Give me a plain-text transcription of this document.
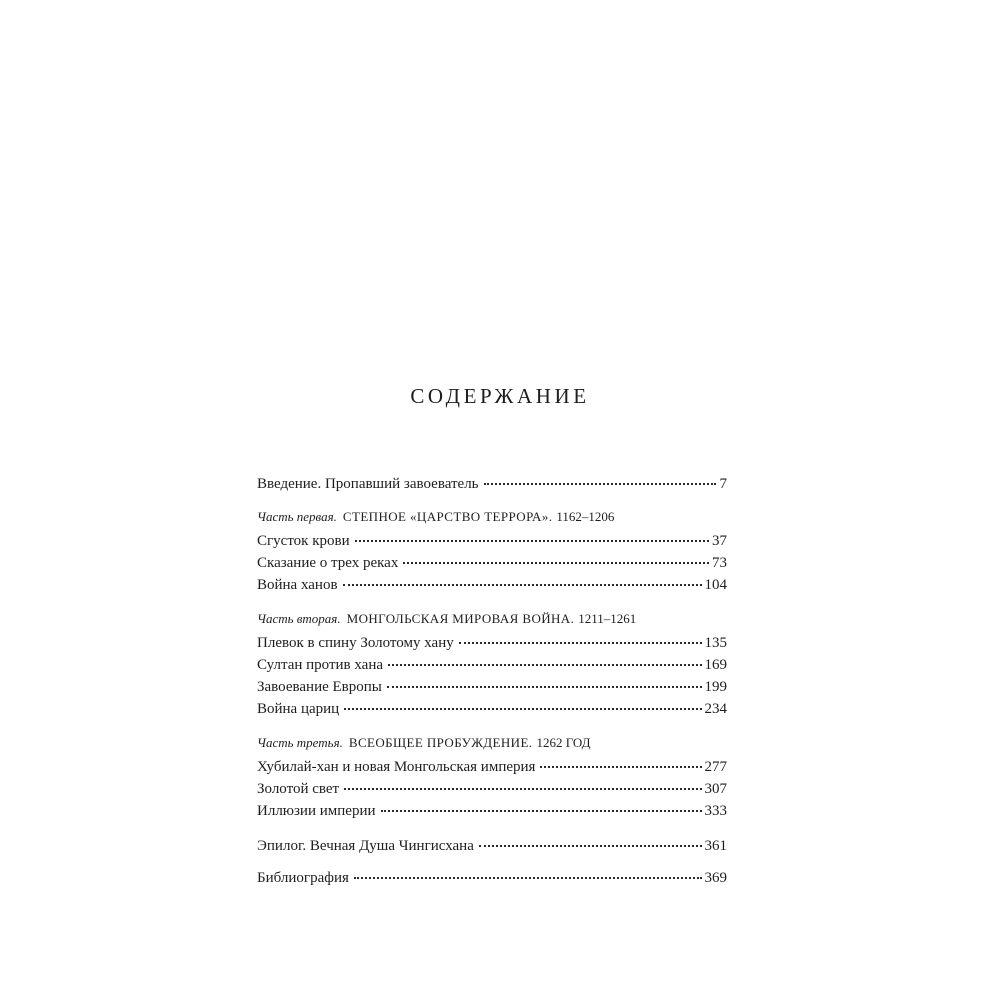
СОДЕРЖАНИЕ
Введение. Пропавший завоеватель	7
Часть первая. СТЕПНОЕ «ЦАРСТВО ТЕРРОРА». 1162–1206
Сгусток крови	37
Сказание о трех реках	73
Война ханов	104
Часть вторая. МОНГОЛЬСКАЯ МИРОВАЯ ВОЙНА. 1211–1261
Плевок в спину Золотому хану	135
Султан против хана	169
Завоевание Европы	199
Война цариц	234
Часть третья. ВСЕОБЩЕЕ ПРОБУЖДЕНИЕ. 1262 ГОД
Хубилай-хан и новая Монгольская империя	277
Золотой свет	307
Иллюзии империи	333
Эпилог. Вечная Душа Чингисхана	361
Библиография	369
